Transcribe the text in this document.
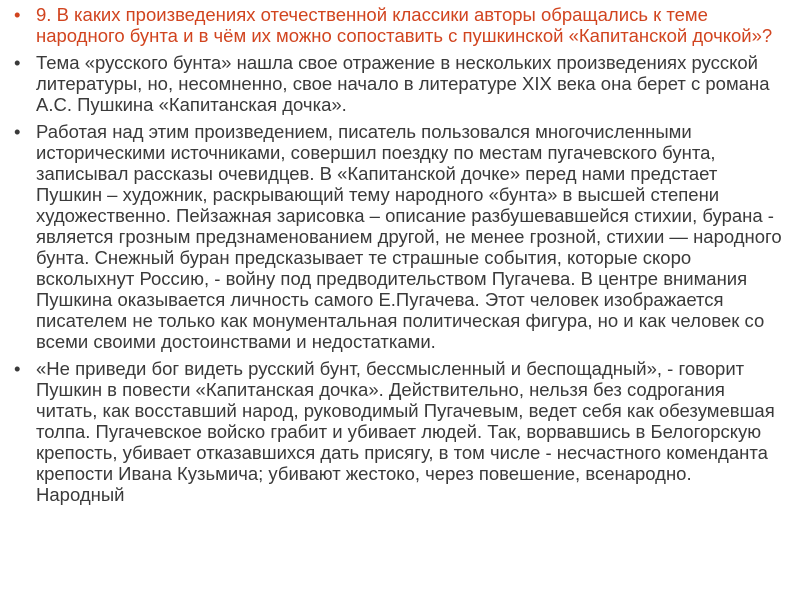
• 9. В каких произведениях отечественной классики авторы обращались к теме народного бунта и в чём их можно сопоставить с пушкинской «Капитанской дочкой»?
• Тема «русского бунта» нашла свое отражение в нескольких произведениях русской литературы, но, несомненно, свое начало в литературе XIX века она берет с романа А.С. Пушкина «Капитанская дочка».
• Работая над этим произведением, писатель пользовался многочисленными историческими источниками, совершил поездку по местам пугачевского бунта, записывал рассказы очевидцев. В «Капитанской дочке» перед нами предстает Пушкин – художник, раскрывающий тему народного «бунта» в высшей степени художественно. Пейзажная зарисовка – описание разбушевавшейся стихии, бурана - является грозным предзнаменованием другой, не менее грозной, стихии — народного бунта. Снежный буран предсказывает те страшные события, которые скоро всколыхнут Россию, - войну под предводительством Пугачева. В центре внимания Пушкина оказывается личность самого Е.Пугачева. Этот человек изображается писателем не только как монументальная политическая фигура, но и как человек со всеми своими достоинствами и недостатками.
• «Не приведи бог видеть русский бунт, бессмысленный и беспощадный», - говорит Пушкин в повести «Капитанская дочка». Действительно, нельзя без содрогания читать, как восставший народ, руководимый Пугачевым, ведет себя как обезумевшая толпа. Пугачевское войско грабит и убивает людей. Так, ворвавшись в Белогорскую крепость, убивает отказавшихся дать присягу, в том числе - несчастного коменданта крепости Ивана Кузьмича; убивают жестоко, через повешение, всенародно. Народный
